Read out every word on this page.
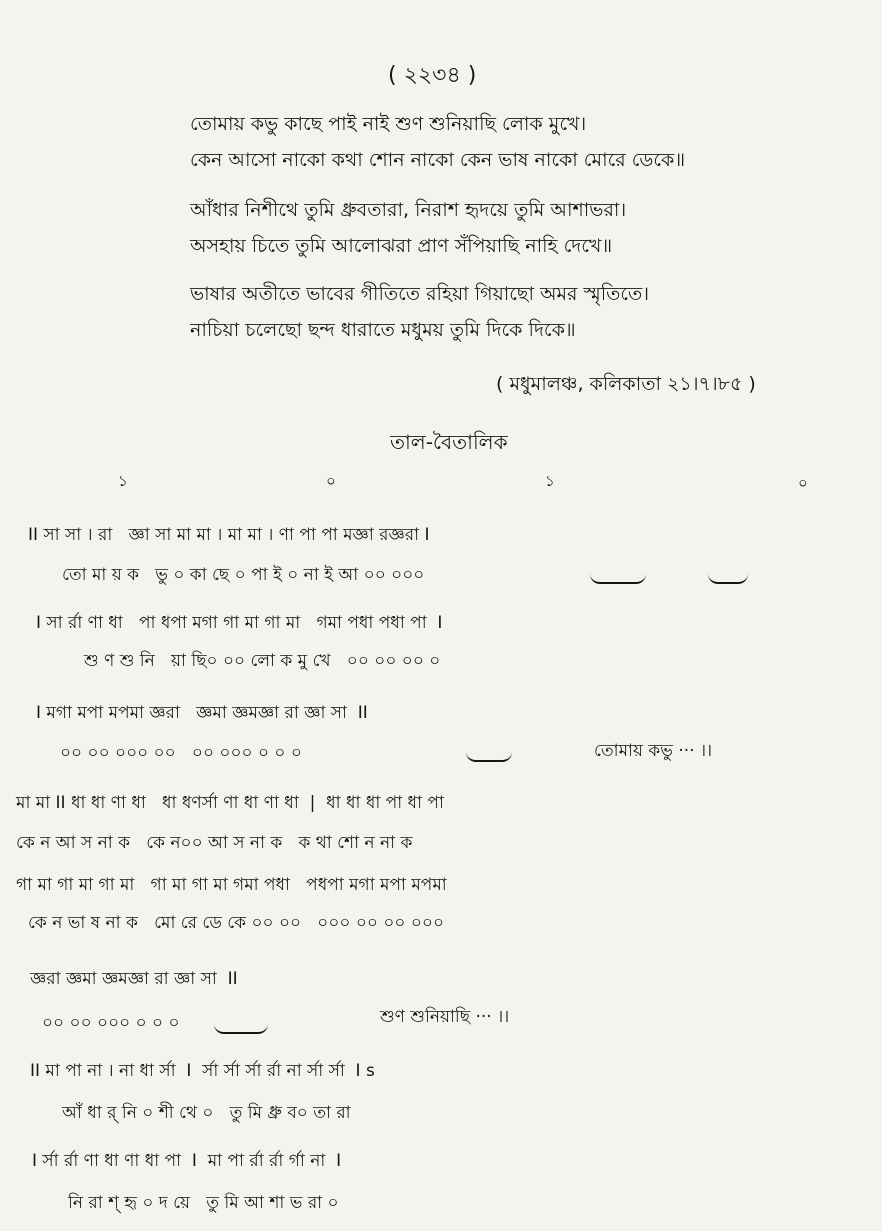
( ২২৩৪ )
তোমায় কভু কাছে পাই নাই শুণ শুনিয়াছি লোক মুখে।
কেন আসো নাকো কথা শোন নাকো কেন ভাষ নাকো মোরে ডেকে॥
আঁধার নিশীথে তুমি ধ্রুবতারা, নিরাশ হৃদয়ে তুমি আশাভরা।
অসহায় চিতে তুমি আলোঝরা প্রাণ সঁপিয়াছি নাহি দেখে॥
ভাষার অতীতে ভাবের গীতিতে রহিয়া গিয়াছো অমর স্মৃতিতে।
নাচিয়া চলেছো ছন্দ ধারাতে মধুময় তুমি দিকে দিকে॥
( মধুমালঞ্চ, কলিকাতা ২১।৭।৮৫ )
তাল-বৈতালিক
১	০	১	০
II সা সা । রা   জ্ঞা সা মা মা । মা মা । ণা পা পা মজ্ঞা রজ্ঞরা I
তো মা য় ক   ভু ০ কা ছে ০ পা ই ০ না ই আ ০০ ০০০
I সা র্রা ণা ধা   পা ধপা মগা গা মা গা মা   গমা পধা পধা পা  I
শু ণ শু নি   য়া ছি০ ০০ লো ক মু খে   ০০ ০০ ০০ ০
I মগা মপা মপমা জ্ঞরা   জ্ঞমা জ্ঞমজ্ঞা রা জ্ঞা সা  II
০০ ০০ ০০০ ০০   ০০ ০০০ ০ ০ ০	তোমায় কভু ··· ।।
মা মা II ধা ধা ণা ধা   ধা ধণর্সা ণা ধা ণা ধা  |  ধা ধা ধা পা ধা পা
কে ন আ স না ক   কে ন০০ আ স না ক   ক থা শো ন না ক
গা মা গা মা গা মা   গা মা গা মা গমা পধা   পধপা মগা মপা মপমা
কে ন ভা ষ না ক   মো রে ডে কে ০০ ০০   ০০০ ০০ ০০ ০০০
জ্ঞরা জ্ঞমা জ্ঞমজ্ঞা রা জ্ঞা সা  II
০০ ০০ ০০০ ০ ০ ০	শুণ শুনিয়াছি ··· ।।
II মা পা না । না ধা র্সা  I  র্সা র্সা র্সা র্রা না র্সা র্সা  I s
আঁ ধা র্ নি ০ শী থে ০   তু মি ধ্রু ব০ তা রা
I র্সা র্রা ণা ধা ণা ধা পা  I  মা পা র্রা র্রা র্গা না  I
নি রা শ্ হৃ ০ দ য়ে   তু মি আ শা ভ রা ০
